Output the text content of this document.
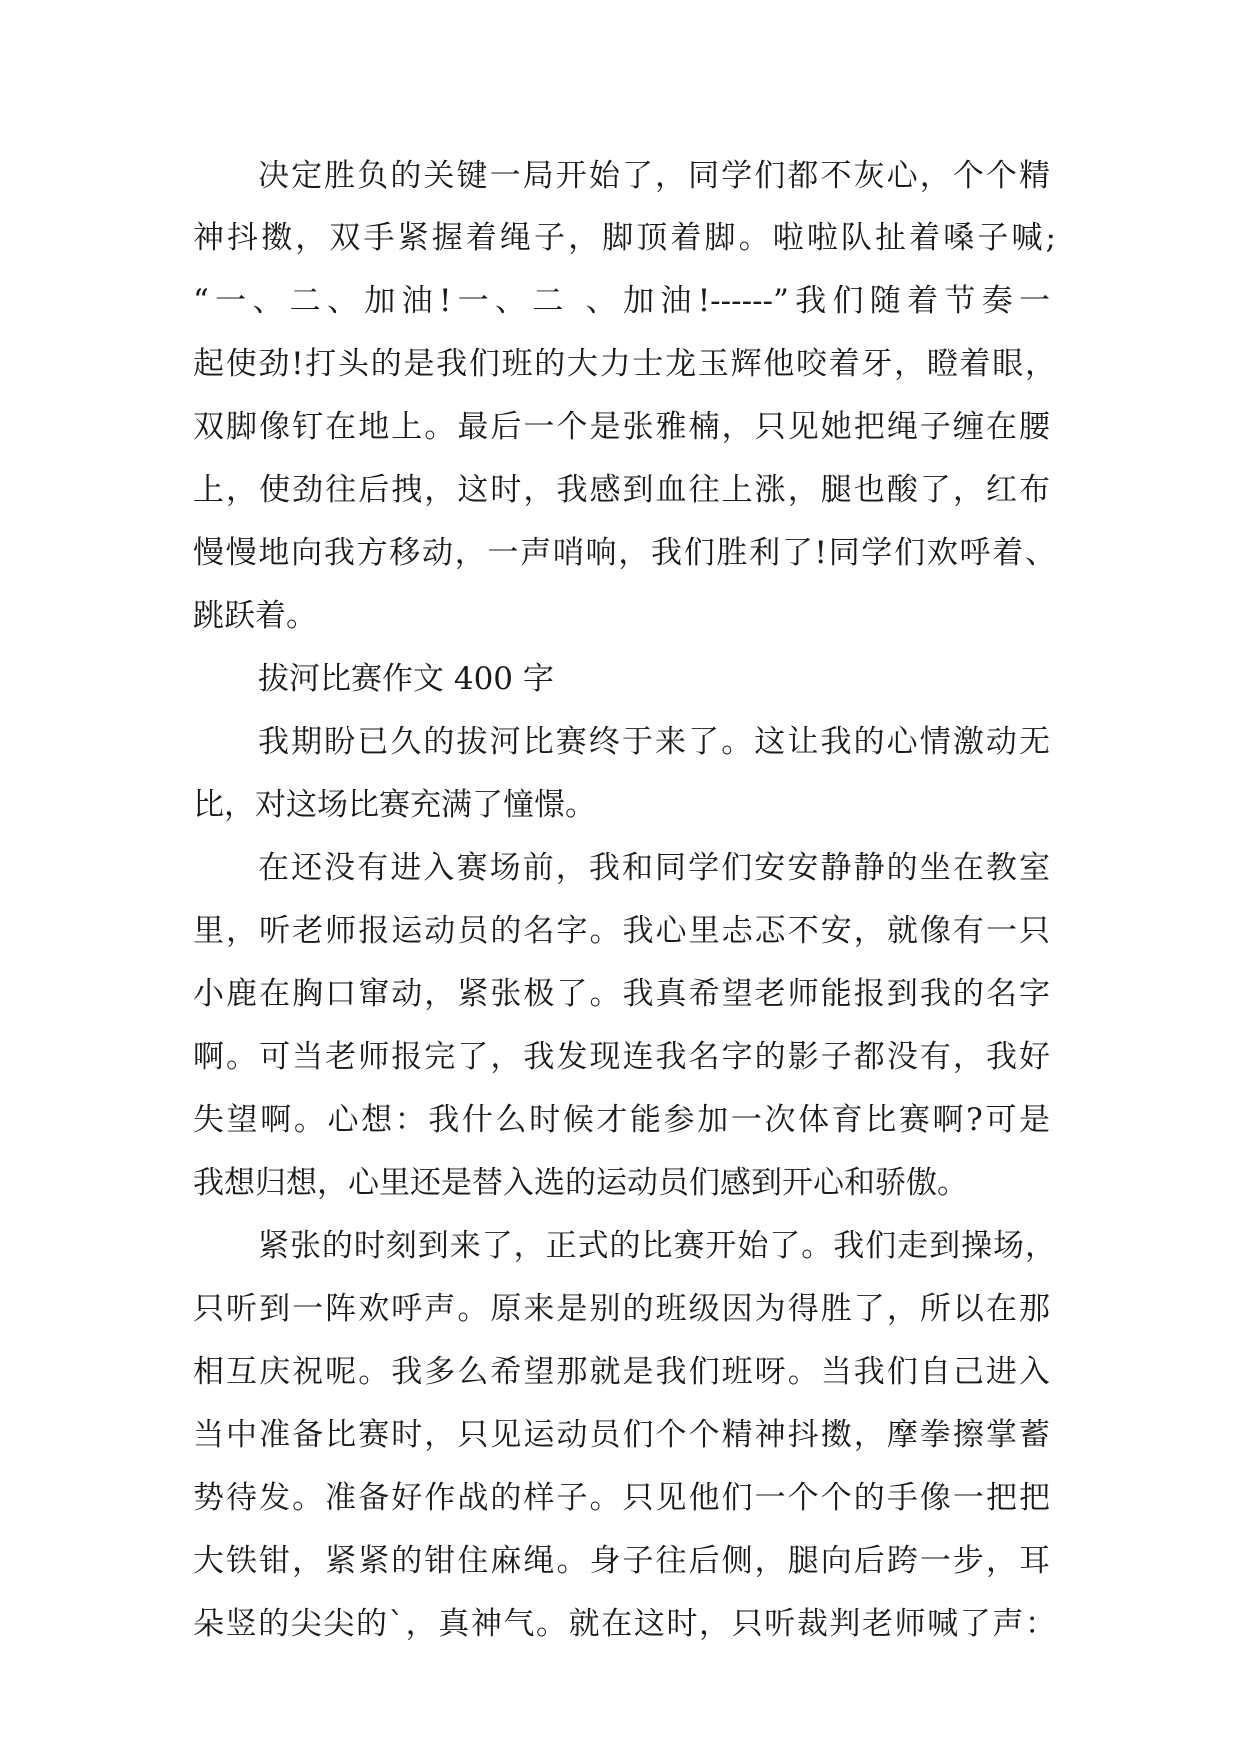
决定胜负的关键一局开始了，同学们都不灰心，个个精
神抖擞，双手紧握着绳子，脚顶着脚。啦啦队扯着嗓子喊;
“一、二、加油!一、二 、加油!------”我们随着节奏一
起使劲!打头的是我们班的大力士龙玉辉他咬着牙，瞪着眼，
双脚像钉在地上。最后一个是张雅楠，只见她把绳子缠在腰
上，使劲往后拽，这时，我感到血往上涨，腿也酸了，红布
慢慢地向我方移动，一声哨响，我们胜利了!同学们欢呼着、
跳跃着。
拔河比赛作文 400 字
我期盼已久的拔河比赛终于来了。这让我的心情激动无
比，对这场比赛充满了憧憬。
在还没有进入赛场前，我和同学们安安静静的坐在教室
里，听老师报运动员的名字。我心里忐忑不安，就像有一只
小鹿在胸口窜动，紧张极了。我真希望老师能报到我的名字
啊。可当老师报完了，我发现连我名字的影子都没有，我好
失望啊。心想：我什么时候才能参加一次体育比赛啊?可是
我想归想，心里还是替入选的运动员们感到开心和骄傲。
紧张的时刻到来了，正式的比赛开始了。我们走到操场，
只听到一阵欢呼声。原来是别的班级因为得胜了，所以在那
相互庆祝呢。我多么希望那就是我们班呀。当我们自己进入
当中准备比赛时，只见运动员们个个精神抖擞，摩拳擦掌蓄
势待发。准备好作战的样子。只见他们一个个的手像一把把
大铁钳，紧紧的钳住麻绳。身子往后侧，腿向后跨一步，耳
朵竖的尖尖的`，真神气。就在这时，只听裁判老师喊了声：
